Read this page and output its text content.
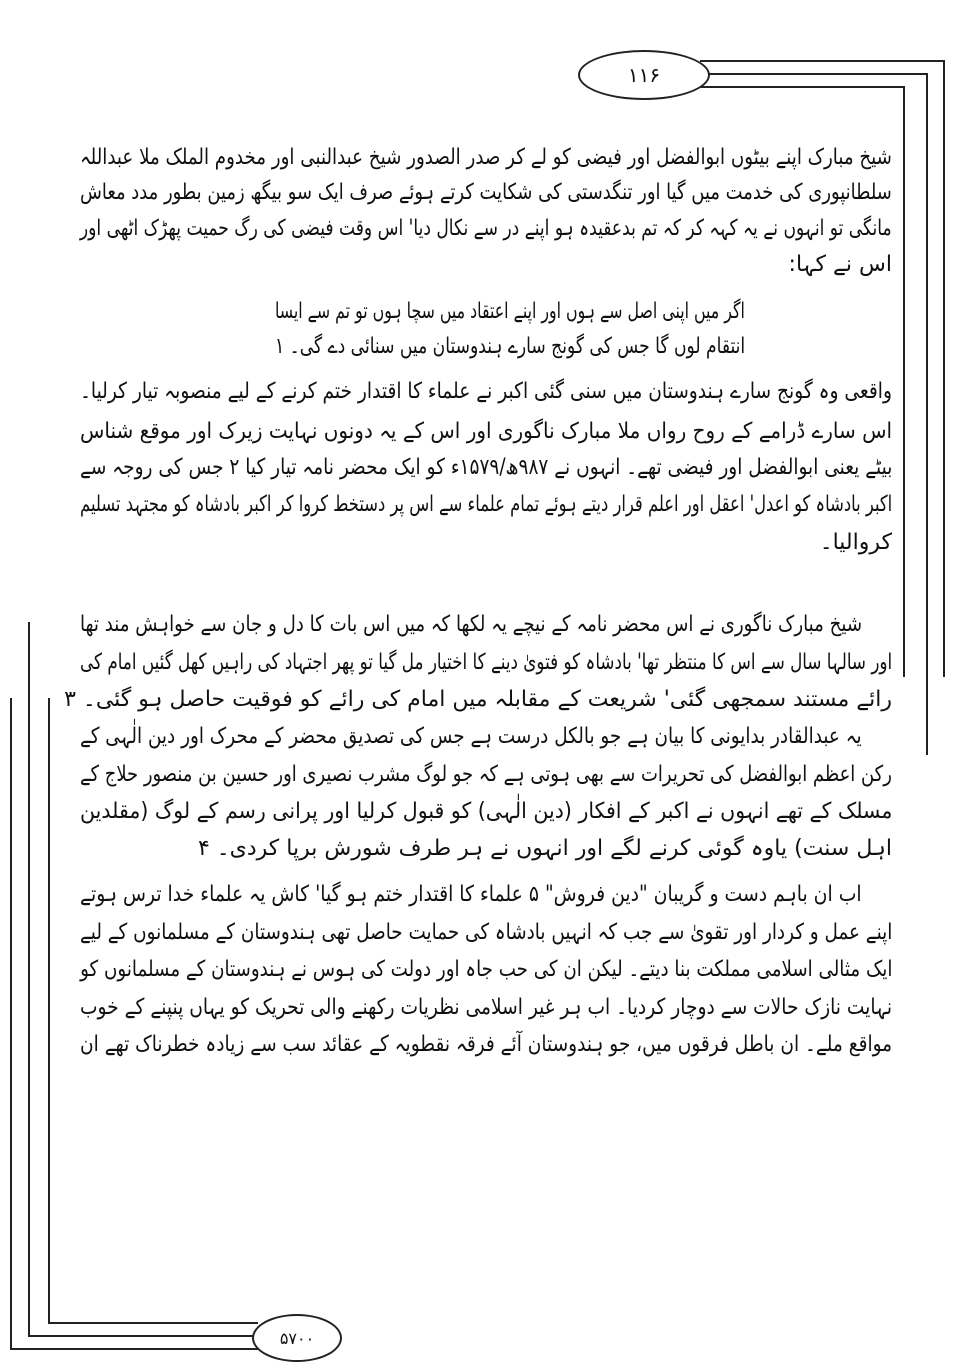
۱۱۶
۵۷۰۰
شیخ مبارک اپنے بیٹوں ابوالفضل اور فیضی کو لے کر صدر الصدور شیخ عبدالنبی اور مخدوم الملک ملا عبداللہ
سلطانپوری کی خدمت میں گیا اور تنگدستی کی شکایت کرتے ہوئے صرف ایک سو بیگھ زمین بطور مدد معاش
مانگی تو انہوں نے یہ کہہ کر کہ تم بدعقیدہ ہو اپنے در سے نکال دیا' اس وقت فیضی کی رگ حمیت پھڑک اٹھی اور
اس نے کہا:
اگر میں اپنی اصل سے ہوں اور اپنے اعتقاد میں سچا ہوں تو تم سے ایسا
انتقام لوں گا جس کی گونج سارے ہندوستان میں سنائی دے گی۔ ۱
واقعی وہ گونج سارے ہندوستان میں سنی گئی اکبر نے علماء کا اقتدار ختم کرنے کے لیے منصوبہ تیار کرلیا۔
اس سارے ڈرامے کے روح رواں ملا مبارک ناگوری اور اس کے یہ دونوں نہایت زیرک اور موقع شناس
بیٹے یعنی ابوالفضل اور فیضی تھے۔ انہوں نے ۹۸۷ھ/۱۵۷۹ء کو ایک محضر نامہ تیار کیا ۲ جس کی روجہ سے
اکبر بادشاہ کو اعدل' اعقل اور اعلم قرار دیتے ہوئے تمام علماء سے اس پر دستخط کروا کر اکبر بادشاہ کو مجتہد تسلیم
کروالیا۔
شیخ مبارک ناگوری نے اس محضر نامہ کے نیچے یہ لکھا کہ میں اس بات کا دل و جان سے خواہش مند تھا
اور سالہا سال سے اس کا منتظر تھا' بادشاہ کو فتویٰ دینے کا اختیار مل گیا تو پھر اجتہاد کی راہیں کھل گئیں امام کی
رائے مستند سمجھی گئی' شریعت کے مقابلہ میں امام کی رائے کو فوقیت حاصل ہو گئی۔ ۳
یہ عبدالقادر بدایونی کا بیان ہے جو بالکل درست ہے جس کی تصدیق محضر کے محرک اور دین الٰہی کے
رکن اعظم ابوالفضل کی تحریرات سے بھی ہوتی ہے کہ جو لوگ مشرب نصیری اور حسین بن منصور حلاج کے
مسلک کے تھے انہوں نے اکبر کے افکار (دین الٰہی) کو قبول کرلیا اور پرانی رسم کے لوگ (مقلدین
اہل سنت) یاوہ گوئی کرنے لگے اور انہوں نے ہر طرف شورش برپا کردی۔ ۴
اب ان باہم دست و گریبان "دین فروش" ۵ علماء کا اقتدار ختم ہو گیا' کاش یہ علماء خدا ترس ہوتے
اپنے عمل و کردار اور تقویٰ سے جب کہ انہیں بادشاہ کی حمایت حاصل تھی ہندوستان کے مسلمانوں کے لیے
ایک مثالی اسلامی مملکت بنا دیتے۔ لیکن ان کی حب جاہ اور دولت کی ہوس نے ہندوستان کے مسلمانوں کو
نہایت نازک حالات سے دوچار کردیا۔ اب ہر غیر اسلامی نظریات رکھنے والی تحریک کو یہاں پنپنے کے خوب
مواقع ملے۔ ان باطل فرقوں میں، جو ہندوستان آئے فرقہ نقطویہ کے عقائد سب سے زیادہ خطرناک تھے ان
